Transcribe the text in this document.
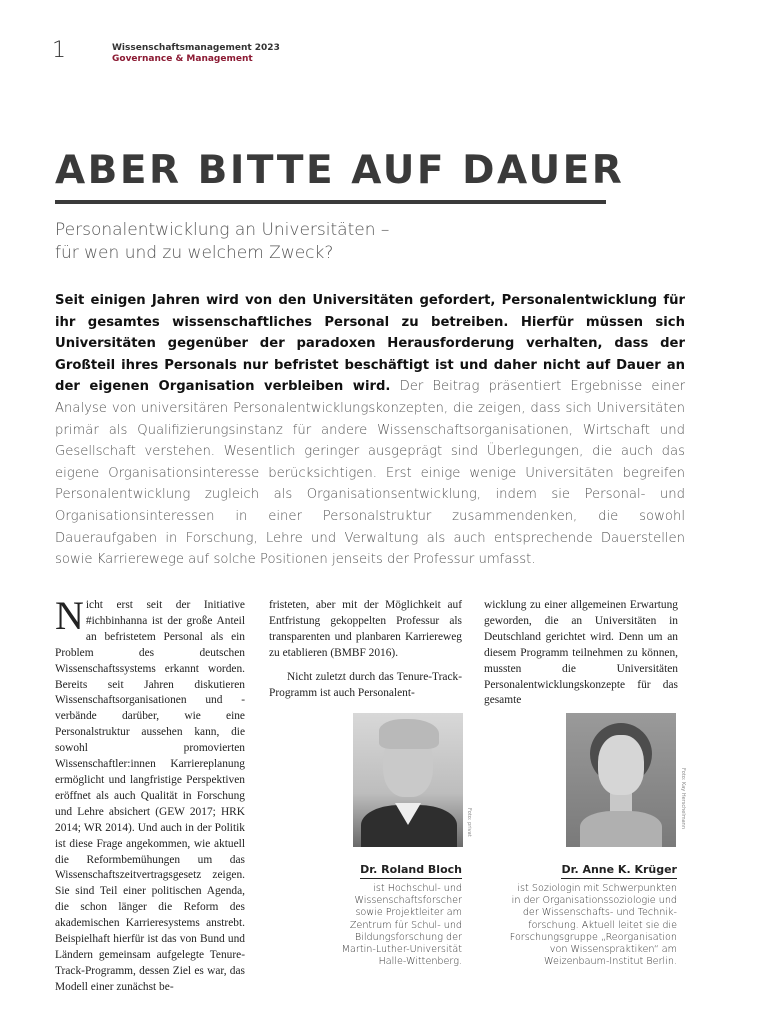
1	Wissenschaftsmanagement 2023
Governance & Management
ABER BITTE AUF DAUER
Personalentwicklung an Universitäten –
für wen und zu welchem Zweck?
Seit einigen Jahren wird von den Universitäten gefordert, Personalentwicklung für ihr gesamtes wissenschaftliches Personal zu betreiben. Hierfür müssen sich Universitäten gegenüber der paradoxen Herausforderung verhalten, dass der Großteil ihres Personals nur befristet beschäftigt ist und daher nicht auf Dauer an der eigenen Organisation verbleiben wird. Der Beitrag präsentiert Ergebnisse einer Analyse von universitären Personalentwicklungskonzepten, die zeigen, dass sich Universitäten primär als Qualifizierungsinstanz für andere Wissenschaftsorganisationen, Wirtschaft und Gesellschaft verstehen. Wesentlich geringer ausgeprägt sind Überlegungen, die auch das eigene Organisationsinteresse berücksichtigen. Erst einige wenige Universitäten begreifen Personalentwicklung zugleich als Organisationsentwicklung, indem sie Personal- und Organisationsinteressen in einer Personalstruktur zusammendenken, die sowohl Daueraufgaben in Forschung, Lehre und Verwaltung als auch entsprechende Dauerstellen sowie Karrierewege auf solche Positionen jenseits der Professur umfasst.
Nicht erst seit der Initiative #ichbinhanna ist der große Anteil an befristetem Personal als ein Problem des deutschen Wissenschaftssystems erkannt worden. Bereits seit Jahren diskutieren Wissenschaftsorganisationen und -verbände darüber, wie eine Personalstruktur aussehen kann, die sowohl promovierten Wissenschaftler:innen Karriereplanung ermöglicht und langfristige Perspektiven eröffnet als auch Qualität in Forschung und Lehre absichert (GEW 2017; HRK 2014; WR 2014). Und auch in der Politik ist diese Frage angekommen, wie aktuell die Reformbemühungen um das Wissenschaftszeitvertragsgesetz zeigen. Sie sind Teil einer politischen Agenda, die schon länger die Reform des akademischen Karrieresystems anstrebt. Beispielhaft hierfür ist das von Bund und Ländern gemeinsam aufgelegte Tenure-Track-Programm, dessen Ziel es war, das Modell einer zunächst be-

fristeten, aber mit der Möglichkeit auf Entfristung gekoppelten Professur als transparenten und planbaren Karriereweg zu etablieren (BMBF 2016).

Nicht zuletzt durch das Tenure-Track-Programm ist auch Personalent-

wicklung zu einer allgemeinen Erwartung geworden, die an Universitäten in Deutschland gerichtet wird. Denn um an diesem Programm teilnehmen zu können, mussten die Universitäten Personalentwicklungskonzepte für das gesamte
Foto: privat	Foto: Kay Herschelmann
Dr. Roland Bloch
ist Hochschul- und
Wissenschaftsforscher
sowie Projektleiter am
Zentrum für Schul- und
Bildungsforschung der
Martin-Luther-Universität
Halle-Wittenberg.
Dr. Anne K. Krüger
ist Soziologin mit Schwerpunkten
in der Organisationssoziologie und
der Wissenschafts- und Technik-
forschung. Aktuell leitet sie die
Forschungsgruppe „Reorganisation
von Wissenspraktiken“ am
Weizenbaum-Institut Berlin.
